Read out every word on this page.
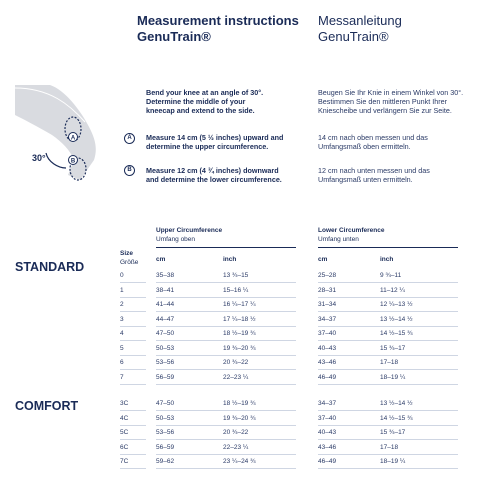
Measurement instructions
GenuTrain®
Messanleitung
GenuTrain®
A
B
30°
Bend your knee at an angle of 30°.
Determine the middle of your
kneecap and extend to the side.
A	Measure 14 cm (5 ½ inches) upward and
determine the upper circumference.
B	Measure 12 cm (4 ¾ inches) downward
and determine the lower circumference.
Beugen Sie Ihr Knie in einem Winkel von 30°.
Bestimmen Sie den mittleren Punkt Ihrer
Kniescheibe und verlängern Sie zur Seite.
14 cm nach oben messen und das
Umfangsmaß oben ermitteln.
12 cm nach unten messen und das
Umfangsmaß unten ermitteln.
Upper Circumference
Umfang oben
Lower Circumference
Umfang unten
Size
Größe	cm	inch	cm	inch
STANDARD
COMFORT
0	35–38	13 ¾–15	25–28	9 ¾–11
1	38–41	15–16 ¼	28–31	11–12 ¼
2	41–44	16 ¼–17 ¼	31–34	12 ¼–13 ½
3	44–47	17 ¼–18 ½	34–37	13 ½–14 ½
4	47–50	18 ½–19 ¾	37–40	14 ½–15 ¾
5	50–53	19 ¾–20 ¾	40–43	15 ¾–17
6	53–56	20 ¾–22	43–46	17–18
7	56–59	22–23 ¼	46–49	18–19 ¼
3C	47–50	18 ½–19 ¾	34–37	13 ½–14 ½
4C	50–53	19 ¾–20 ¾	37–40	14 ½–15 ¾
5C	53–56	20 ¾–22	40–43	15 ¾–17
6C	56–59	22–23 ¼	43–46	17–18
7C	59–62	23 ¼–24 ¾	46–49	18–19 ¼
